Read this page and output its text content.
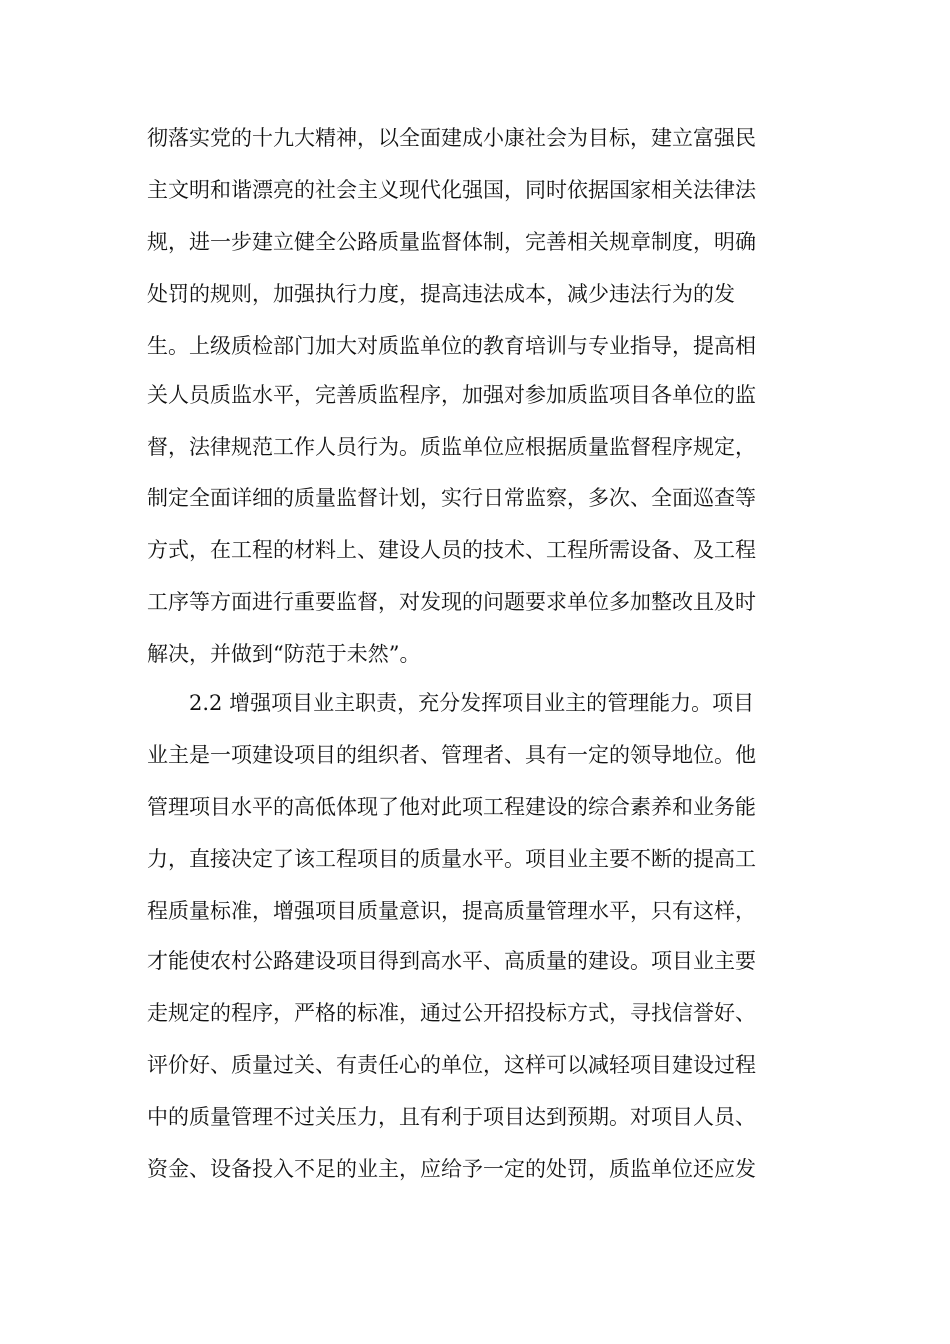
彻落实党的十九大精神，以全面建成小康社会为目标，建立富强民
主文明和谐漂亮的社会主义现代化强国，同时依据国家相关法律法
规，进一步建立健全公路质量监督体制，完善相关规章制度，明确
处罚的规则，加强执行力度，提高违法成本，减少违法行为的发
生。上级质检部门加大对质监单位的教育培训与专业指导，提高相
关人员质监水平，完善质监程序，加强对参加质监项目各单位的监
督，法律规范工作人员行为。质监单位应根据质量监督程序规定，
制定全面详细的质量监督计划，实行日常监察，多次、全面巡查等
方式，在工程的材料上、建设人员的技术、工程所需设备、及工程
工序等方面进行重要监督，对发现的问题要求单位多加整改且及时
解决，并做到“防范于未然”。
2.2 增强项目业主职责，充分发挥项目业主的管理能力。项目
业主是一项建设项目的组织者、管理者、具有一定的领导地位。他
管理项目水平的高低体现了他对此项工程建设的综合素养和业务能
力，直接决定了该工程项目的质量水平。项目业主要不断的提高工
程质量标准，增强项目质量意识，提高质量管理水平，只有这样，
才能使农村公路建设项目得到高水平、高质量的建设。项目业主要
走规定的程序，严格的标准，通过公开招投标方式，寻找信誉好、
评价好、质量过关、有责任心的单位，这样可以减轻项目建设过程
中的质量管理不过关压力，且有利于项目达到预期。对项目人员、
资金、设备投入不足的业主，应给予一定的处罚，质监单位还应发
